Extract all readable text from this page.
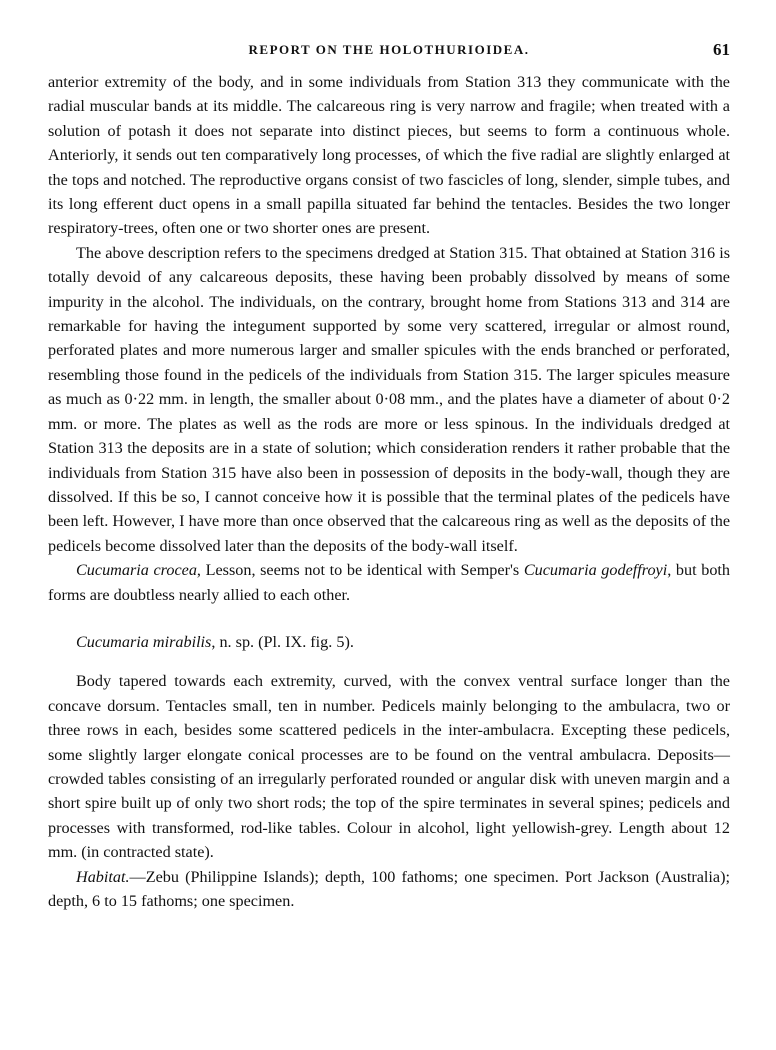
REPORT ON THE HOLOTHURIOIDEA.	61

anterior extremity of the body, and in some individuals from Station 313 they communicate with the radial muscular bands at its middle. The calcareous ring is very narrow and fragile; when treated with a solution of potash it does not separate into distinct pieces, but seems to form a continuous whole. Anteriorly, it sends out ten comparatively long processes, of which the five radial are slightly enlarged at the tops and notched. The reproductive organs consist of two fascicles of long, slender, simple tubes, and its long efferent duct opens in a small papilla situated far behind the tentacles. Besides the two longer respiratory-trees, often one or two shorter ones are present.

The above description refers to the specimens dredged at Station 315. That obtained at Station 316 is totally devoid of any calcareous deposits, these having been probably dissolved by means of some impurity in the alcohol. The individuals, on the contrary, brought home from Stations 313 and 314 are remarkable for having the integument supported by some very scattered, irregular or almost round, perforated plates and more numerous larger and smaller spicules with the ends branched or perforated, resembling those found in the pedicels of the individuals from Station 315. The larger spicules measure as much as 0·22 mm. in length, the smaller about 0·08 mm., and the plates have a diameter of about 0·2 mm. or more. The plates as well as the rods are more or less spinous. In the individuals dredged at Station 313 the deposits are in a state of solution; which consideration renders it rather probable that the individuals from Station 315 have also been in possession of deposits in the body-wall, though they are dissolved. If this be so, I cannot conceive how it is possible that the terminal plates of the pedicels have been left. However, I have more than once observed that the calcareous ring as well as the deposits of the pedicels become dissolved later than the deposits of the body-wall itself.

Cucumaria crocea, Lesson, seems not to be identical with Semper's Cucumaria godeffroyi, but both forms are doubtless nearly allied to each other.

Cucumaria mirabilis, n. sp. (Pl. IX. fig. 5).

Body tapered towards each extremity, curved, with the convex ventral surface longer than the concave dorsum. Tentacles small, ten in number. Pedicels mainly belonging to the ambulacra, two or three rows in each, besides some scattered pedicels in the inter-ambulacra. Excepting these pedicels, some slightly larger elongate conical processes are to be found on the ventral ambulacra. Deposits—crowded tables consisting of an irregularly perforated rounded or angular disk with uneven margin and a short spire built up of only two short rods; the top of the spire terminates in several spines; pedicels and processes with transformed, rod-like tables. Colour in alcohol, light yellowish-grey. Length about 12 mm. (in contracted state).

Habitat.—Zebu (Philippine Islands); depth, 100 fathoms; one specimen. Port Jackson (Australia); depth, 6 to 15 fathoms; one specimen.
